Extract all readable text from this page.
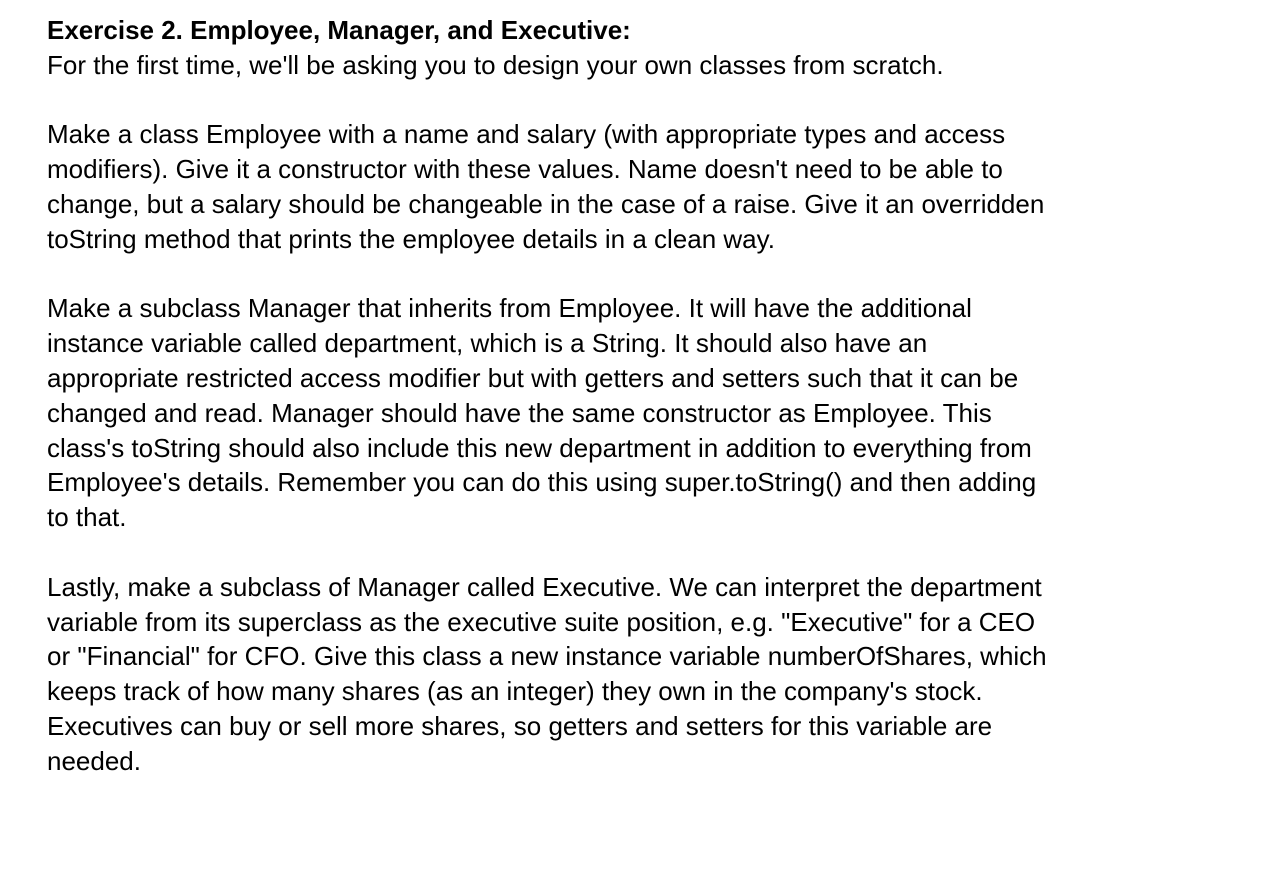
Exercise 2. Employee, Manager, and Executive:

For the first time, we'll be asking you to design your own classes from scratch.

Make a class Employee with a name and salary (with appropriate types and access modifiers). Give it a constructor with these values. Name doesn't need to be able to change, but a salary should be changeable in the case of a raise. Give it an overridden toString method that prints the employee details in a clean way.

Make a subclass Manager that inherits from Employee. It will have the additional instance variable called department, which is a String. It should also have an appropriate restricted access modifier but with getters and setters such that it can be changed and read. Manager should have the same constructor as Employee. This class's toString should also include this new department in addition to everything from Employee's details. Remember you can do this using super.toString() and then adding to that.

Lastly, make a subclass of Manager called Executive. We can interpret the department variable from its superclass as the executive suite position, e.g. "Executive" for a CEO or "Financial" for CFO. Give this class a new instance variable numberOfShares, which keeps track of how many shares (as an integer) they own in the company's stock. Executives can buy or sell more shares, so getters and setters for this variable are needed.
